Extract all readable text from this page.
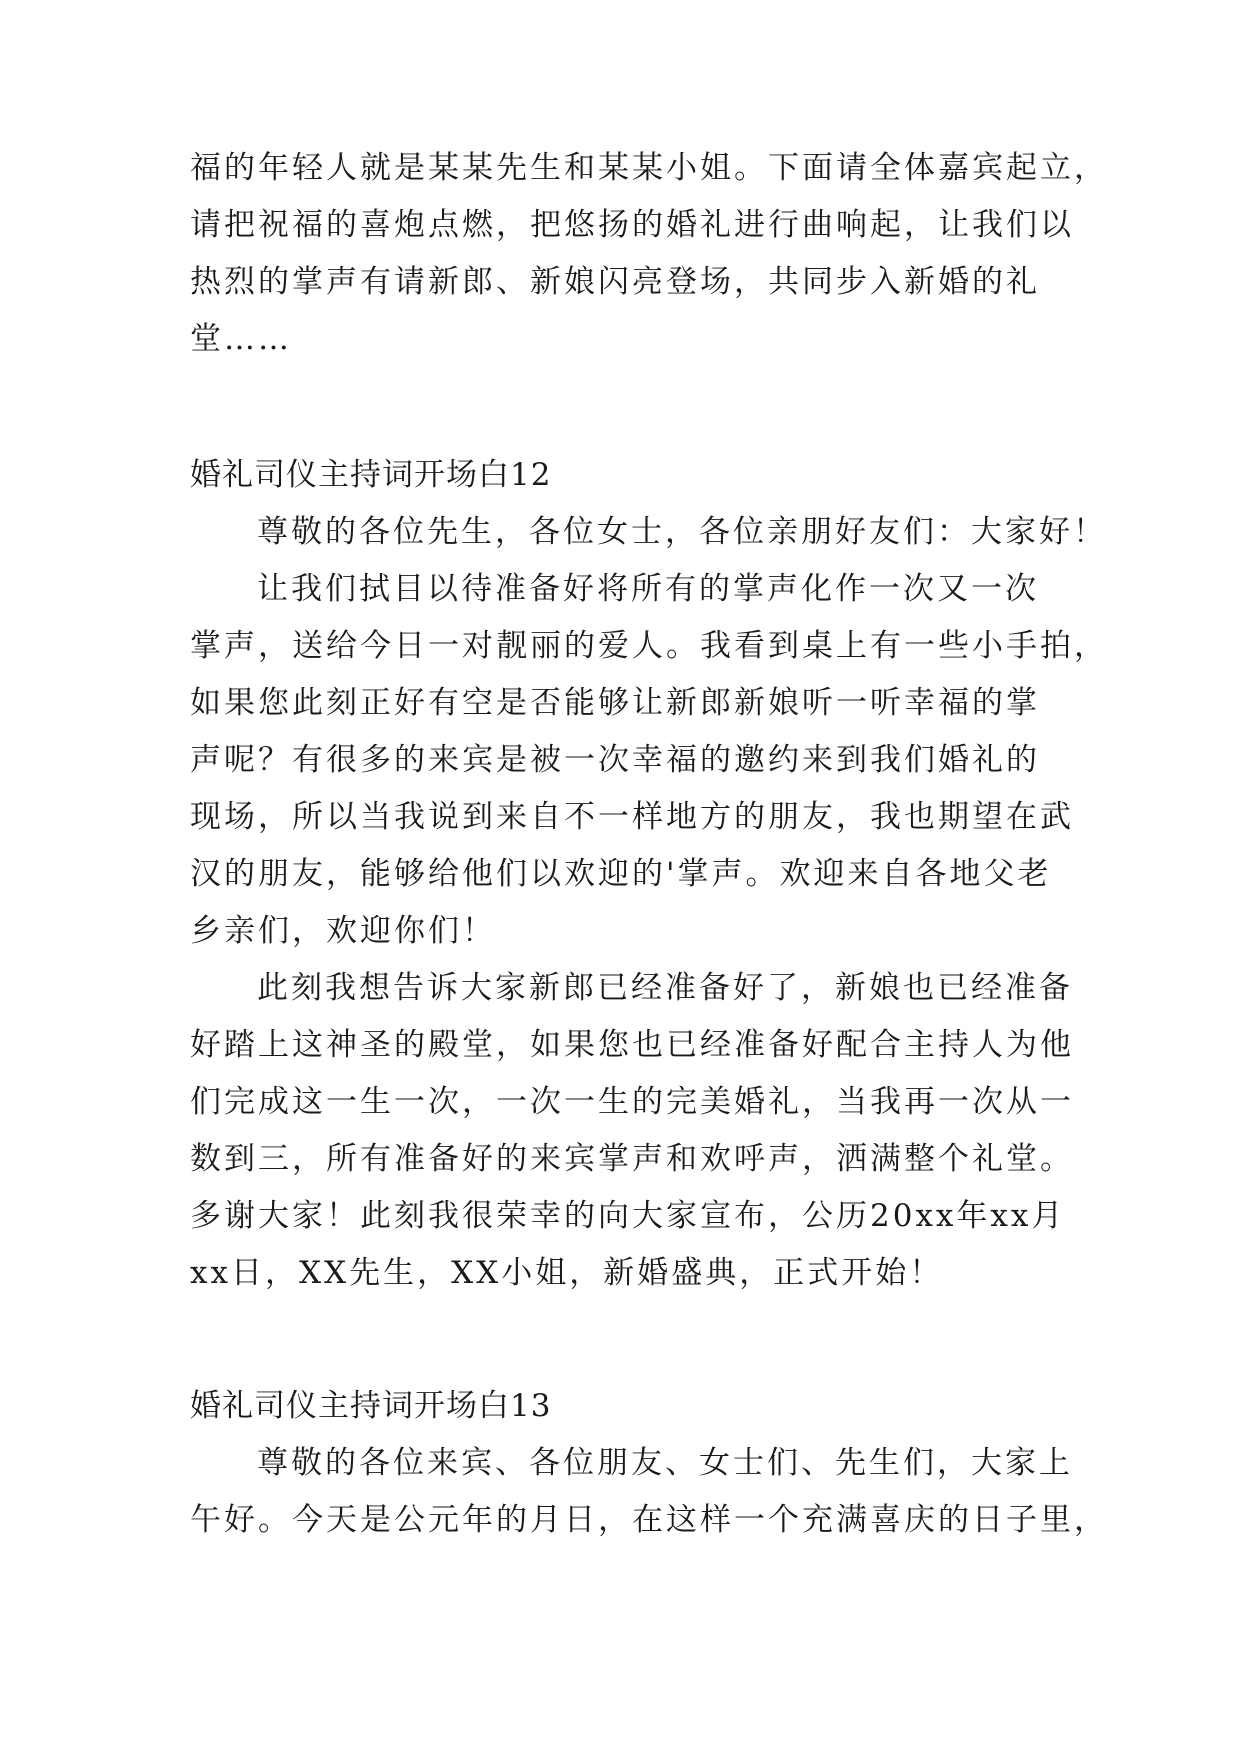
福的年轻人就是某某先生和某某小姐。下面请全体嘉宾起立，
请把祝福的喜炮点燃，把悠扬的婚礼进行曲响起，让我们以
热烈的掌声有请新郎、新娘闪亮登场，共同步入新婚的礼
堂……
婚礼司仪主持词开场白12
尊敬的各位先生，各位女士，各位亲朋好友们：大家好！
让我们拭目以待准备好将所有的掌声化作一次又一次
掌声，送给今日一对靓丽的爱人。我看到桌上有一些小手拍，
如果您此刻正好有空是否能够让新郎新娘听一听幸福的掌
声呢？有很多的来宾是被一次幸福的邀约来到我们婚礼的
现场，所以当我说到来自不一样地方的朋友，我也期望在武
汉的朋友，能够给他们以欢迎的'掌声。欢迎来自各地父老
乡亲们，欢迎你们！
此刻我想告诉大家新郎已经准备好了，新娘也已经准备
好踏上这神圣的殿堂，如果您也已经准备好配合主持人为他
们完成这一生一次，一次一生的完美婚礼，当我再一次从一
数到三，所有准备好的来宾掌声和欢呼声，洒满整个礼堂。
多谢大家！此刻我很荣幸的向大家宣布，公历20xx年xx月
xx日，XX先生，XX小姐，新婚盛典，正式开始！
婚礼司仪主持词开场白13
尊敬的各位来宾、各位朋友、女士们、先生们，大家上
午好。今天是公元年的月日，在这样一个充满喜庆的日子里，
